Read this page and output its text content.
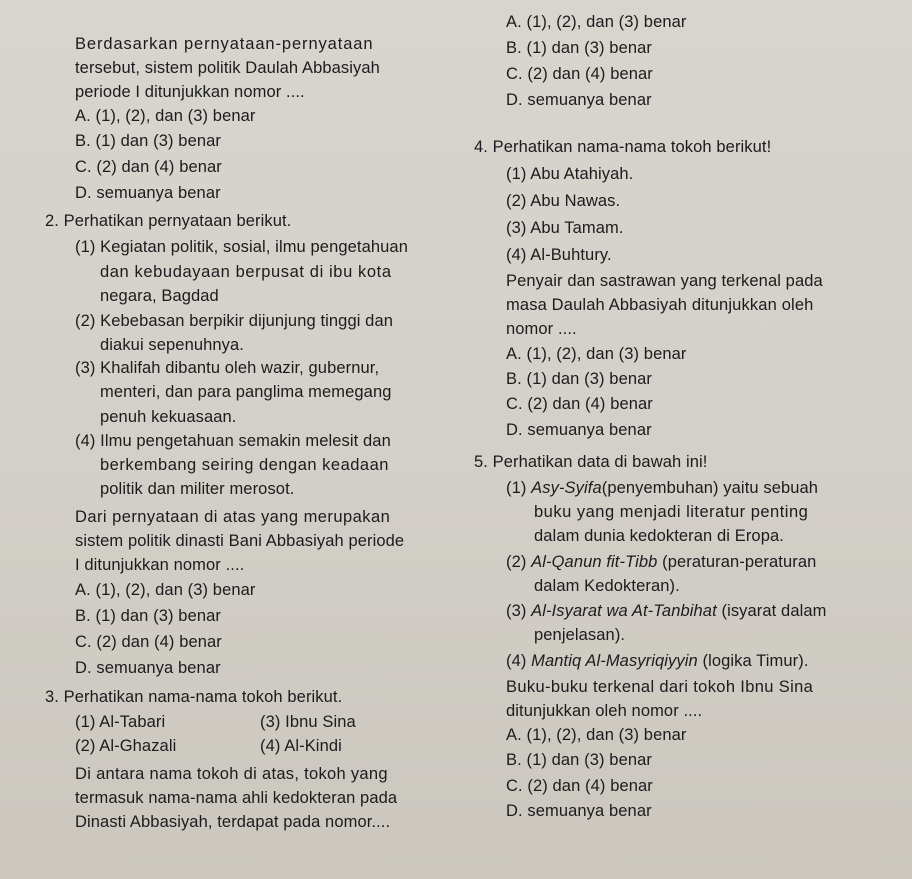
Berdasarkan pernyataan-pernyataan
tersebut, sistem politik Daulah Abbasiyah
periode I ditunjukkan nomor ....
A. (1), (2), dan (3) benar
B. (1) dan (3) benar
C. (2) dan (4) benar
D. semuanya benar
2. Perhatikan pernyataan berikut.
(1) Kegiatan politik, sosial, ilmu pengetahuan
dan kebudayaan berpusat di ibu kota
negara, Bagdad
(2) Kebebasan berpikir dijunjung tinggi dan
diakui sepenuhnya.
(3) Khalifah dibantu oleh wazir, gubernur,
menteri, dan para panglima memegang
penuh kekuasaan.
(4) Ilmu pengetahuan semakin melesit dan
berkembang seiring dengan keadaan
politik dan militer merosot.
Dari pernyataan di atas yang merupakan
sistem politik dinasti Bani Abbasiyah periode
I ditunjukkan nomor ....
A. (1), (2), dan (3) benar
B. (1) dan (3) benar
C. (2) dan (4) benar
D. semuanya benar
3. Perhatikan nama-nama tokoh berikut.
(1) Al-Tabari	(3) Ibnu Sina
(2) Al-Ghazali	(4) Al-Kindi
Di antara nama tokoh di atas, tokoh yang
termasuk nama-nama ahli kedokteran pada
Dinasti Abbasiyah, terdapat pada nomor....
A. (1), (2), dan (3) benar
B. (1) dan (3) benar
C. (2) dan (4) benar
D. semuanya benar
4. Perhatikan nama-nama tokoh berikut!
(1) Abu Atahiyah.
(2) Abu Nawas.
(3) Abu Tamam.
(4) Al-Buhtury.
Penyair dan sastrawan yang terkenal pada
masa Daulah Abbasiyah ditunjukkan oleh
nomor ....
A. (1), (2), dan (3) benar
B. (1) dan (3) benar
C. (2) dan (4) benar
D. semuanya benar
5. Perhatikan data di bawah ini!
(1) Asy-Syifa(penyembuhan) yaitu sebuah
buku yang menjadi literatur penting
dalam dunia kedokteran di Eropa.
(2) Al-Qanun fit-Tibb (peraturan-peraturan
dalam Kedokteran).
(3) Al-Isyarat wa At-Tanbihat (isyarat dalam
penjelasan).
(4) Mantiq Al-Masyriqiyyin (logika Timur).
Buku-buku terkenal dari tokoh Ibnu Sina
ditunjukkan oleh nomor ....
A. (1), (2), dan (3) benar
B. (1) dan (3) benar
C. (2) dan (4) benar
D. semuanya benar
